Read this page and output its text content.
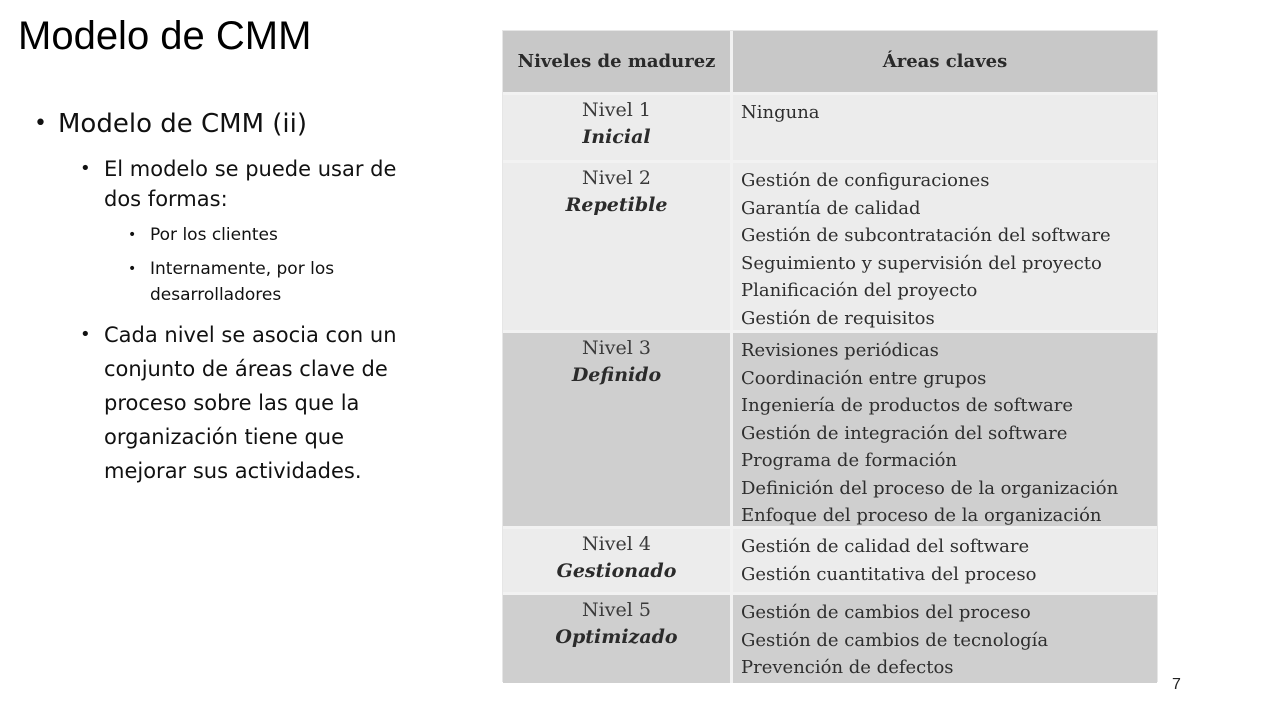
Modelo de CMM
• Modelo de CMM (ii)
• El modelo se puede usar de dos formas:
• Por los clientes
• Internamente, por los desarrolladores
• Cada nivel se asocia con un conjunto de áreas clave de proceso sobre las que la organización tiene que mejorar sus actividades.
Niveles de madurez	Áreas claves
Nivel 1
Inicial
Ninguna
Nivel 2
Repetible
Gestión de configuraciones
Garantía de calidad
Gestión de subcontratación del software
Seguimiento y supervisión del proyecto
Planificación del proyecto
Gestión de requisitos
Nivel 3
Definido
Revisiones periódicas
Coordinación entre grupos
Ingeniería de productos de software
Gestión de integración del software
Programa de formación
Definición del proceso de la organización
Enfoque del proceso de la organización
Nivel 4
Gestionado
Gestión de calidad del software
Gestión cuantitativa del proceso
Nivel 5
Optimizado
Gestión de cambios del proceso
Gestión de cambios de tecnología
Prevención de defectos
7
